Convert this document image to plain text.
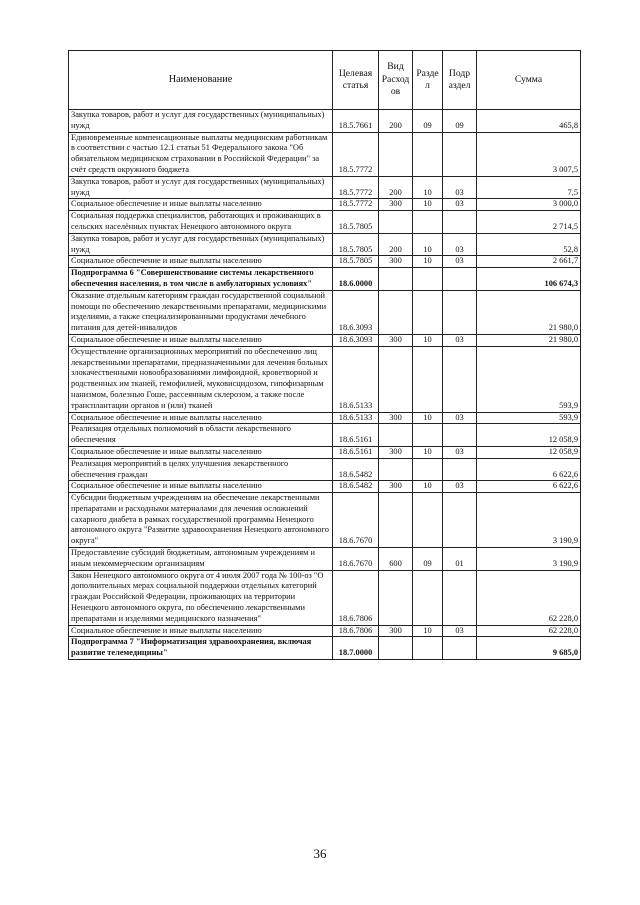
Наименование	Целевая статья	Вид Расход ов	Разде л	Подр аздел	Сумма
Закупка товаров, работ и услуг для государственных (муниципальных) нужд	18.5.7661	200	09	09	465,8
Единовременные компенсационные выплаты медицинским работникам в соответствии с частью 12.1 статьи 51 Федерального закона "Об обязательном медицинском страховании в Российской Федерации" за счёт средств окружного бюджета	18.5.7772				3 007,5
Закупка товаров, работ и услуг для государственных (муниципальных) нужд	18.5.7772	200	10	03	7,5
Социальное обеспечение и иные выплаты населению	18.5.7772	300	10	03	3 000,0
Социальная поддержка специалистов, работающих и проживающих в сельских населённых пунктах Ненецкого автономного округа	18.5.7805				2 714,5
Закупка товаров, работ и услуг для государственных (муниципальных) нужд	18.5.7805	200	10	03	52,8
Социальное обеспечение и иные выплаты населению	18.5.7805	300	10	03	2 661,7
Подпрограмма 6 "Совершенствование системы лекарственного обеспечения населения, в том числе в амбулаторных условиях"	18.6.0000				106 674,3
Оказание отдельным категориям граждан государственной социальной помощи по обеспечению лекарственными препаратами, медицинскими изделиями, а также специализированными продуктами лечебного питания для детей-инвалидов	18.6.3093				21 980,0
Социальное обеспечение и иные выплаты населению	18.6.3093	300	10	03	21 980,0
Осуществление организационных мероприятий по обеспечению лиц лекарственными препаратами, предназначенными для лечения больных злокачественными новообразованиями лимфоидной, кроветворной и родственных им тканей, гемофилией, муковисцидозом, гипофизарным нанизмом, болезнью Гоше, рассеянным склерозом, а также после трансплантации органов и (или) тканей	18.6.5133				593,9
Социальное обеспечение и иные выплаты населению	18.6.5133	300	10	03	593,9
Реализация отдельных полномочий в области лекарственного обеспечения	18.6.5161				12 058,9
Социальное обеспечение и иные выплаты населению	18.6.5161	300	10	03	12 058,9
Реализация мероприятий в целях улучшения лекарственного обеспечения граждан	18.6.5482				6 622,6
Социальное обеспечение и иные выплаты населению	18.6.5482	300	10	03	6 622,6
Субсидии бюджетным учреждениям на обеспечение лекарственными препаратами и расходными материалами для лечения осложнений сахарного диабета в рамках государственной программы Ненецкого автономного округа "Развитие здравоохранения Ненецкого автономного округа"	18.6.7670				3 190,9
Предоставление субсидий бюджетным, автономным учреждениям и иным некоммерческим организациям	18.6.7670	600	09	01	3 190,9
Закон Ненецкого автономного округа от 4 июля 2007 года № 100-оз "О дополнительных мерах социальной поддержки отдельных категорий граждан Российской Федерации, проживающих на территории Ненецкого автономного округа, по обеспечению лекарственными препаратами и изделиями медицинского назначения"	18.6.7806				62 228,0
Социальное обеспечение и иные выплаты населению	18.6.7806	300	10	03	62 228,0
Подпрограмма 7 "Информатизация здравоохранения, включая развитие телемедицины"	18.7.0000				9 685,0
36
